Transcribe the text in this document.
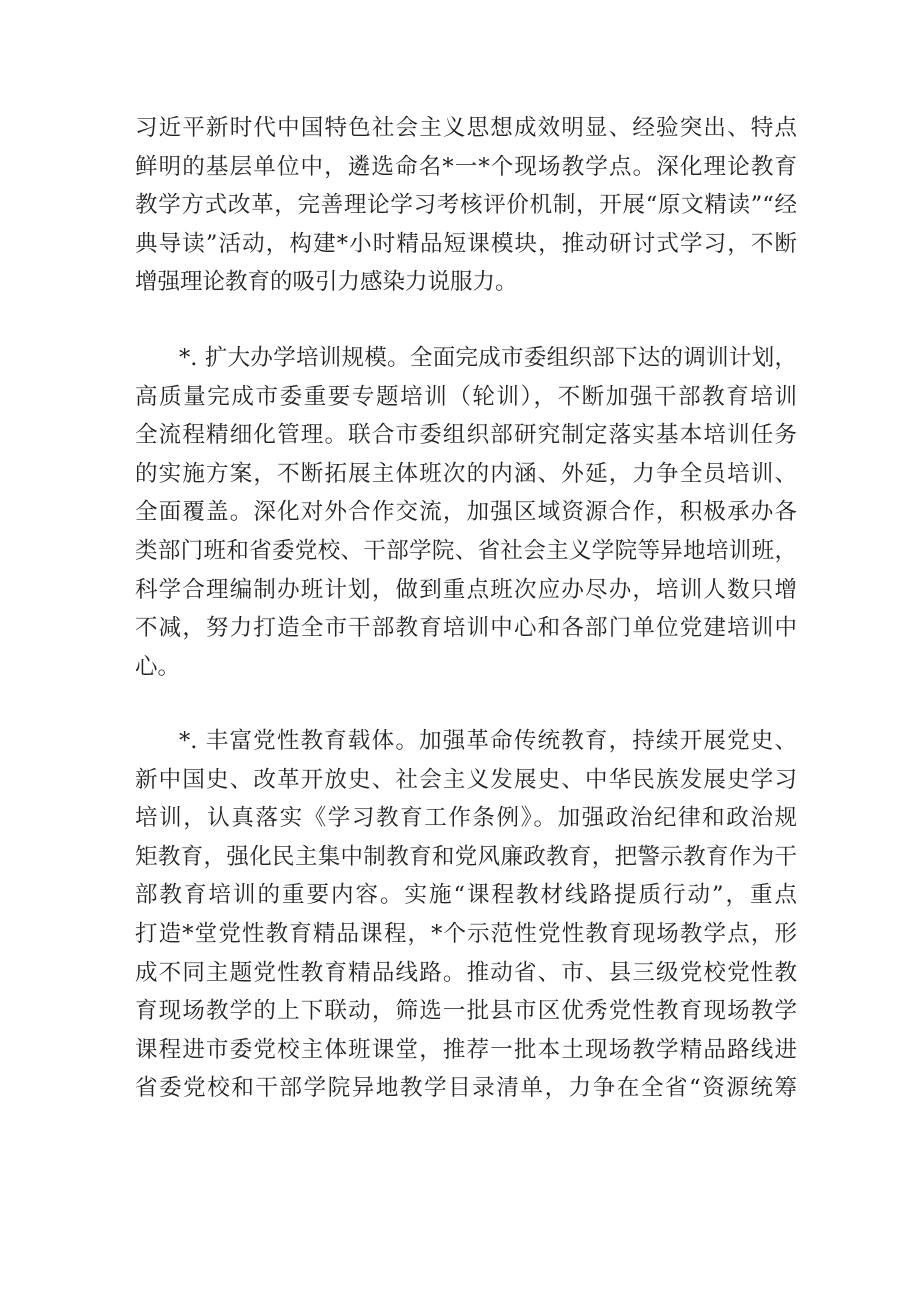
习近平新时代中国特色社会主义思想成效明显、经验突出、特点
鲜明的基层单位中，遴选命名*一*个现场教学点。深化理论教育
教学方式改革，完善理论学习考核评价机制，开展“原文精读”“经
典导读”活动，构建*小时精品短课模块，推动研讨式学习，不断
增强理论教育的吸引力感染力说服力。
*. 扩大办学培训规模。全面完成市委组织部下达的调训计划，
高质量完成市委重要专题培训（轮训），不断加强干部教育培训
全流程精细化管理。联合市委组织部研究制定落实基本培训任务
的实施方案，不断拓展主体班次的内涵、外延，力争全员培训、
全面覆盖。深化对外合作交流，加强区域资源合作，积极承办各
类部门班和省委党校、干部学院、省社会主义学院等异地培训班，
科学合理编制办班计划，做到重点班次应办尽办，培训人数只增
不减，努力打造全市干部教育培训中心和各部门单位党建培训中
心。
*. 丰富党性教育载体。加强革命传统教育，持续开展党史、
新中国史、改革开放史、社会主义发展史、中华民族发展史学习
培训，认真落实《学习教育工作条例》。加强政治纪律和政治规
矩教育，强化民主集中制教育和党风廉政教育，把警示教育作为干
部教育培训的重要内容。实施“课程教材线路提质行动”，重点
打造*堂党性教育精品课程，*个示范性党性教育现场教学点，形
成不同主题党性教育精品线路。推动省、市、县三级党校党性教
育现场教学的上下联动，筛选一批县市区优秀党性教育现场教学
课程进市委党校主体班课堂，推荐一批本土现场教学精品路线进
省委党校和干部学院异地教学目录清单，力争在全省“资源统筹
